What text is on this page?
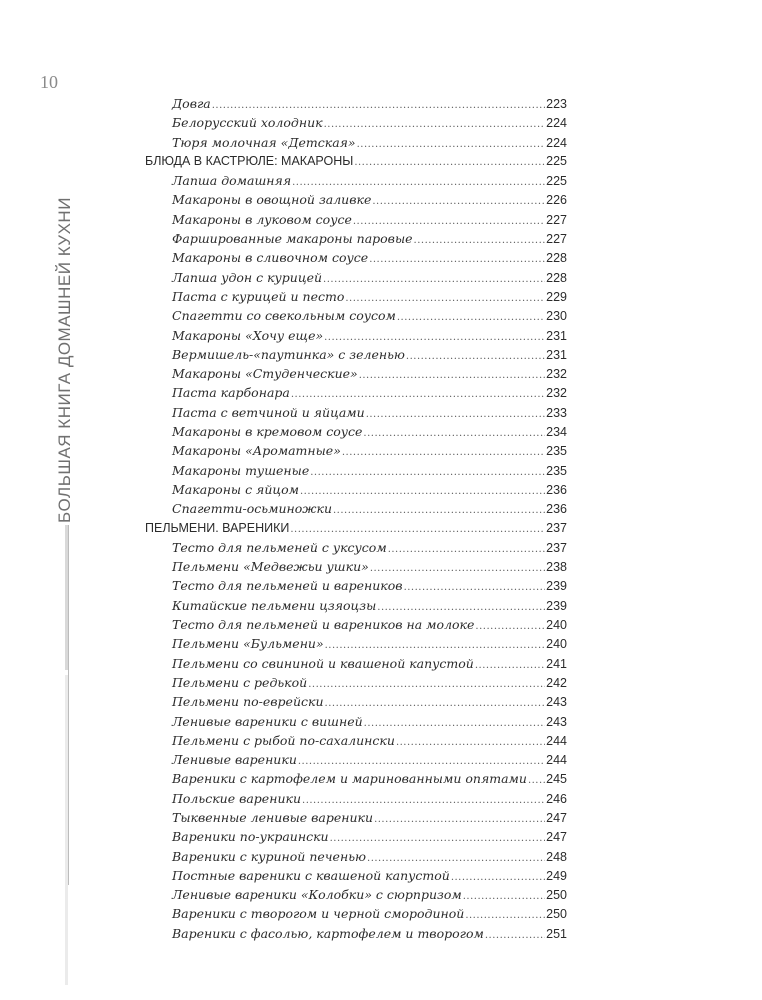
10
БОЛЬШАЯ КНИГА ДОМАШНЕЙ КУХНИ
Довга .....	223
Белорусский холодник .....	224
Тюря молочная «Детская» .....	224
БЛЮДА В КАСТРЮЛЕ: МАКАРОНЫ .....	225
Лапша домашняя .....	225
Макароны в овощной заливке .....	226
Макароны в луковом соусе .....	227
Фаршированные макароны паровые .....	227
Макароны в сливочном соусе .....	228
Лапша удон с курицей .....	228
Паста с курицей и песто .....	229
Спагетти со свекольным соусом .....	230
Макароны «Хочу еще» .....	231
Вермишель-«паутинка» с зеленью .....	231
Макароны «Студенческие» .....	232
Паста карбонара .....	232
Паста с ветчиной и яйцами .....	233
Макароны в кремовом соусе .....	234
Макароны «Ароматные» .....	235
Макароны тушеные .....	235
Макароны с яйцом .....	236
Спагетти-осьминожки .....	236
ПЕЛЬМЕНИ. ВАРЕНИКИ .....	237
Тесто для пельменей с уксусом .....	237
Пельмени «Медвежьи ушки» .....	238
Тесто для пельменей и вареников .....	239
Китайские пельмени цзяоцзы .....	239
Тесто для пельменей и вареников на молоке .....	240
Пельмени «Бульмени» .....	240
Пельмени со свининой и квашеной капустой .....	241
Пельмени с редькой .....	242
Пельмени по-еврейски .....	243
Ленивые вареники с вишней .....	243
Пельмени с рыбой по-сахалински .....	244
Ленивые вареники .....	244
Вареники с картофелем и маринованными опятами ..... 245
Польские вареники .....	246
Тыквенные ленивые вареники .....	247
Вареники по-украински .....	247
Вареники с куриной печенью .....	248
Постные вареники с квашеной капустой .....	249
Ленивые вареники «Колобки» с сюрпризом .....	250
Вареники с творогом и черной смородиной .....	250
Вареники с фасолью, картофелем и творогом .....	251
